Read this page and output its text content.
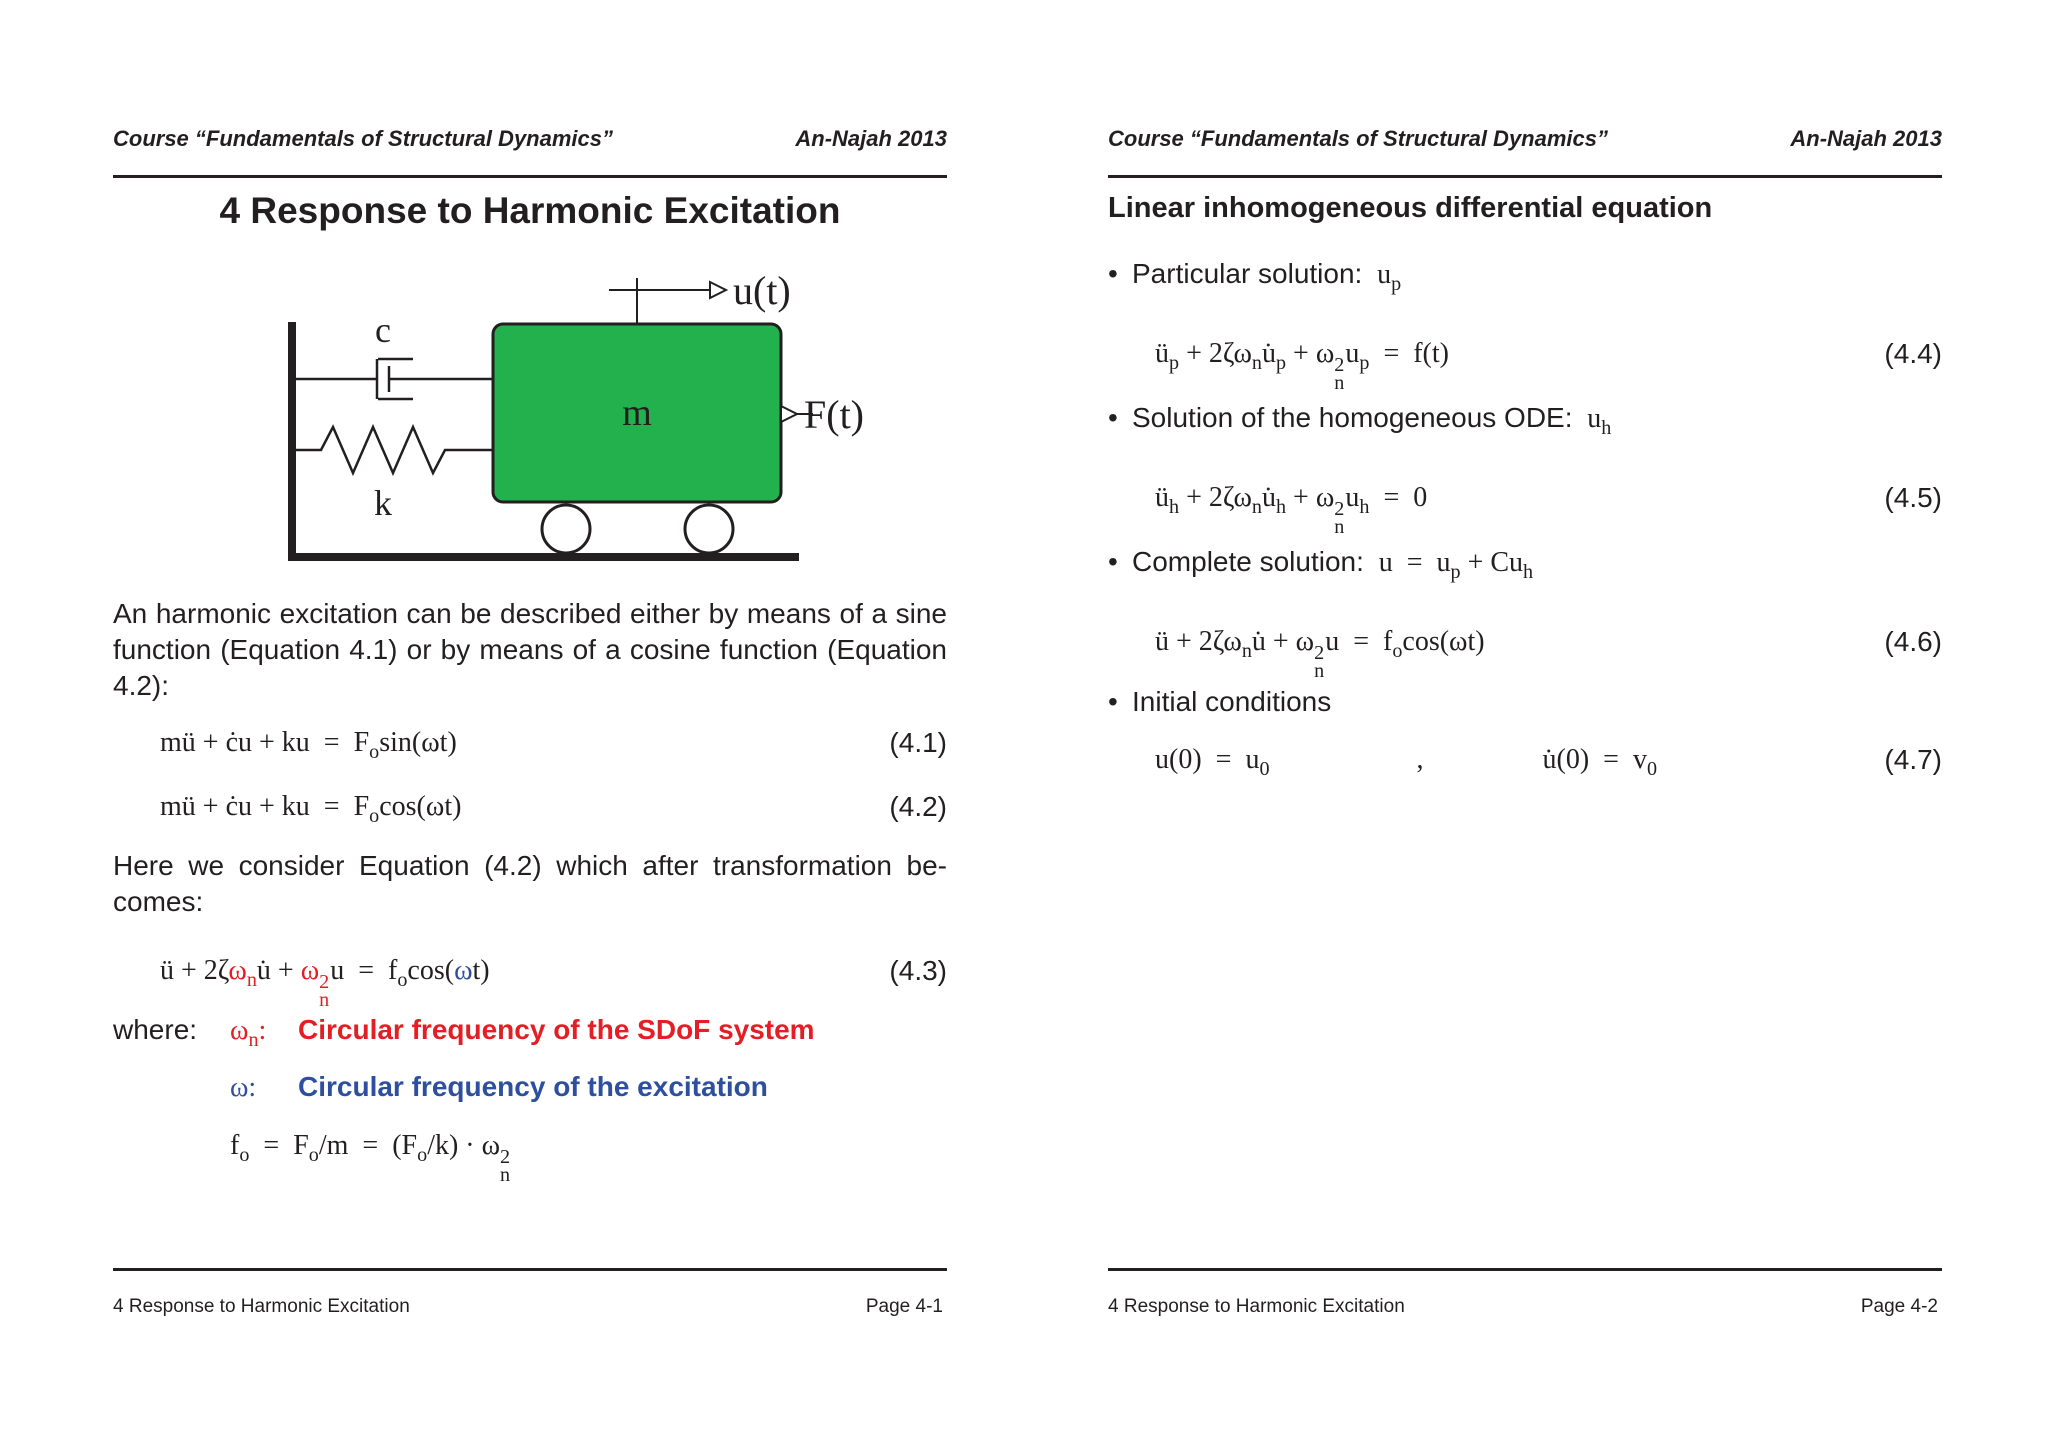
Course “Fundamentals of Structural Dynamics”	An-Najah 2013
4 Response to Harmonic Excitation
c
k
m
u(t)
F(t)
An harmonic excitation can be described either by means of a sine function (Equation 4.1) or by means of a cosine function (Equation 4.2):
mü + ċu + ku  =  $F_o\sin(\omega t)$	(4.1)
mü + ċu + ku  =  $F_o\cos(\omega t)$	(4.2)
Here we consider Equation (4.2) which after transformation be-comes:
ü + $2\zeta\omega_nu̇ + \omega$ 2
n
$u = f_o\cos(\omega t)$	(4.3)
where: $\omega_n$: Circular frequency of the SDoF system
ω: Circular frequency of the excitation
$f_o = F_o/m = (F_o/k) \cdot \omega$ 2
n
4 Response to Harmonic Excitation	Page 4-1
Course “Fundamentals of Structural Dynamics”	An-Najah 2013
Linear inhomogeneous differential equation
• Particular solution:  $u_p$
$ü_p$ + $2\zeta\omega_nu̇_p + \omega$ 2
n
$u_p = f(t)$	(4.4)
• Solution of the homogeneous ODE:  $u_h$
$ü_h$ + $2\zeta\omega_nu̇_h + \omega$ 2
n
$u_h = 0$	(4.5)
• Complete solution:  $u = u_p + Cu_h$
ü + $2\zeta\omega_nu̇ + \omega$ 2
n
$u = f_o\cos(\omega t)$	(4.6)
• Initial conditions
$u(0) = u_0$                     ,                 u̇(0)  =  $v_0$	(4.7)
4 Response to Harmonic Excitation	Page 4-2
